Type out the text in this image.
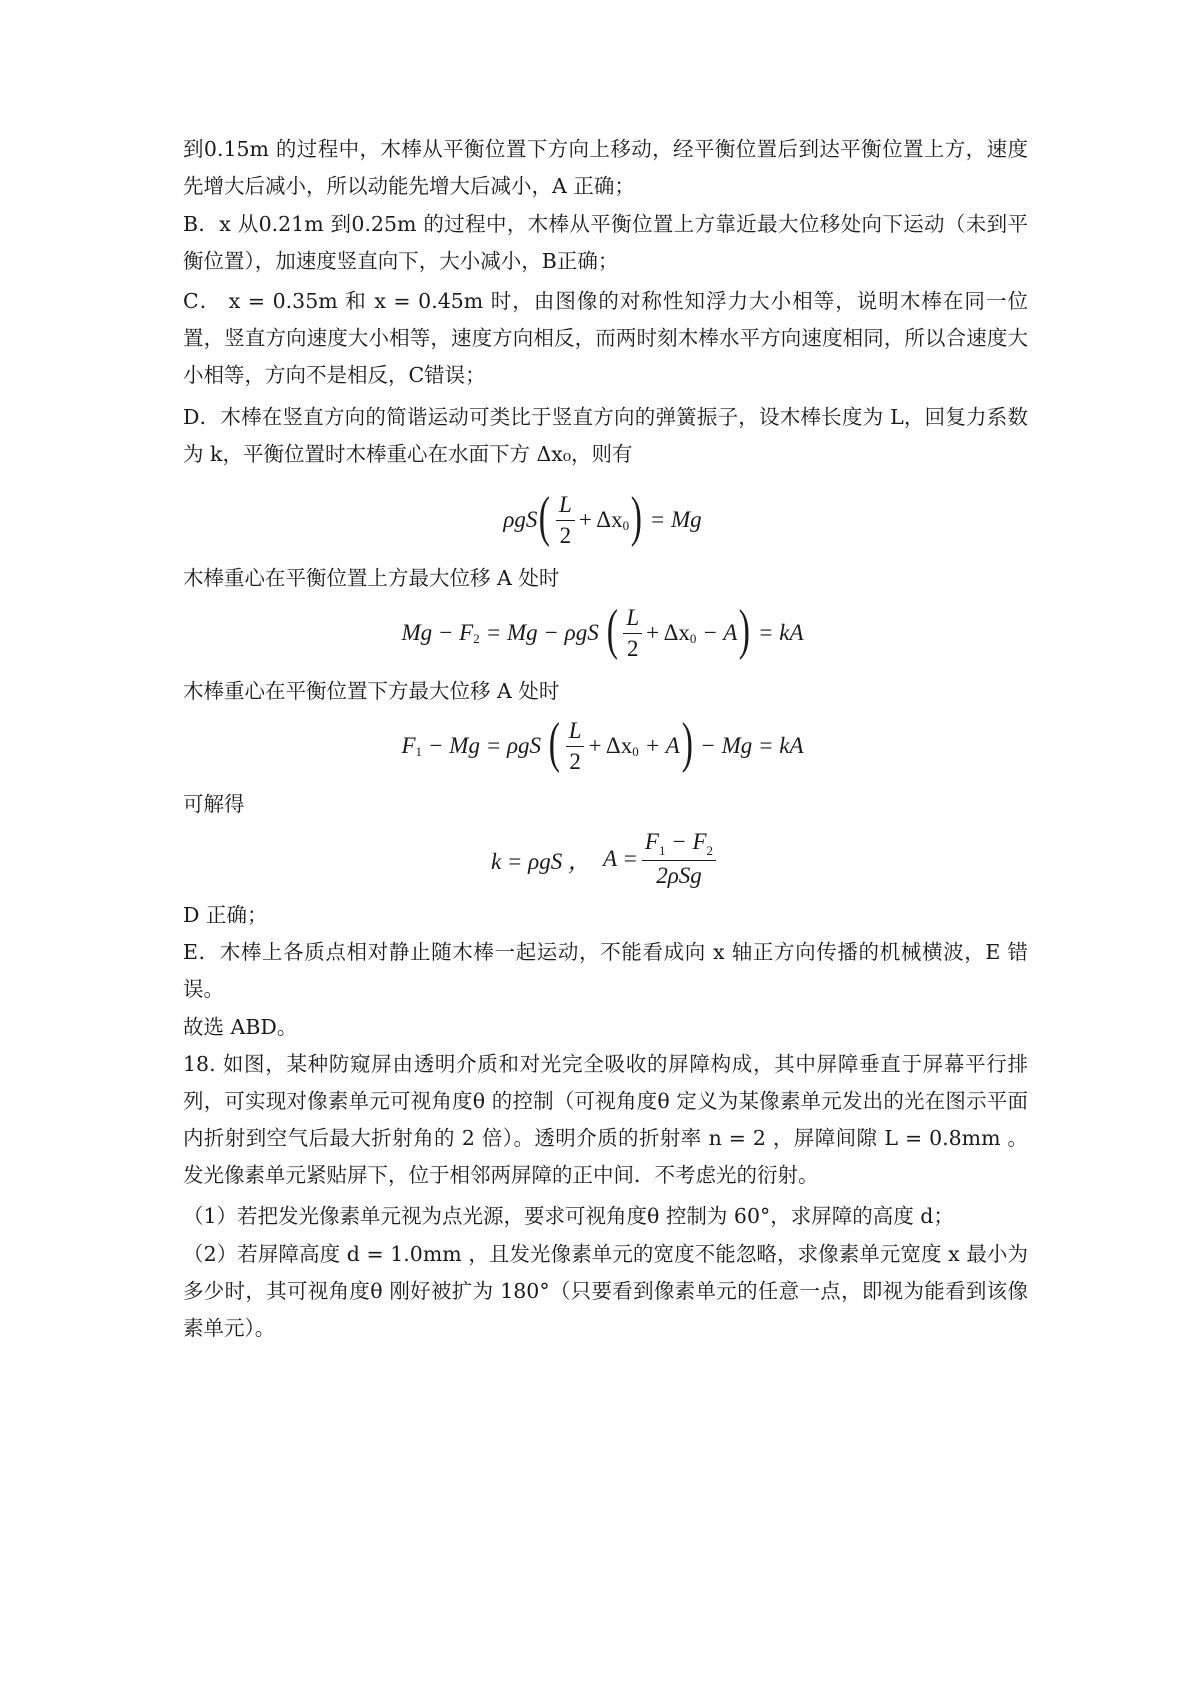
到0.15m 的过程中，木棒从平衡位置下方向上移动，经平衡位置后到达平衡位置上方，速度先增大后减小，所以动能先增大后减小，A 正确；

B．x 从0.21m 到0.25m 的过程中，木棒从平衡位置上方靠近最大位移处向下运动（未到平衡位置），加速度竖直向下，大小减小，B正确；

C． x = 0.35m 和 x = 0.45m 时，由图像的对称性知浮力大小相等，说明木棒在同一位置，竖直方向速度大小相等，速度方向相反，而两时刻木棒水平方向速度相同，所以合速度大小相等，方向不是相反，C错误；

D．木棒在竖直方向的简谐运动可类比于竖直方向的弹簧振子，设木棒长度为 L，回复力系数为 k，平衡位置时木棒重心在水面下方 Δx₀，则有

ρgS ( $\frac{L}{2} + \Delta x$ 0 ) = Mg

木棒重心在平衡位置上方最大位移 A 处时

Mg − F 2 = Mg − ρgS ( $\frac{L}{2} + \Delta x$ 0 − A ) = kA

木棒重心在平衡位置下方最大位移 A 处时

F 1 − Mg = ρgS ( $\frac{L}{2} + \Delta x$ 0 + A ) − Mg = kA

可解得

k = ρgS ， $A = \frac{F_1 - F_2}{\text{2ρSg}}$

D 正确；

E．木棒上各质点相对静止随木棒一起运动，不能看成向 x 轴正方向传播的机械横波，E 错误。

故选 ABD。

18. 如图，某种防窥屏由透明介质和对光完全吸收的屏障构成，其中屏障垂直于屏幕平行排列，可实现对像素单元可视角度θ 的控制（可视角度θ 定义为某像素单元发出的光在图示平面内折射到空气后最大折射角的 2 倍）。透明介质的折射率 n = 2 ，屏障间隙 L = 0.8mm 。发光像素单元紧贴屏下，位于相邻两屏障的正中间．不考虑光的衍射。

（1）若把发光像素单元视为点光源，要求可视角度θ 控制为 60°，求屏障的高度 d；

（2）若屏障高度 d = 1.0mm ，且发光像素单元的宽度不能忽略，求像素单元宽度 x 最小为多少时，其可视角度θ 刚好被扩为 180°（只要看到像素单元的任意一点，即视为能看到该像素单元）。
